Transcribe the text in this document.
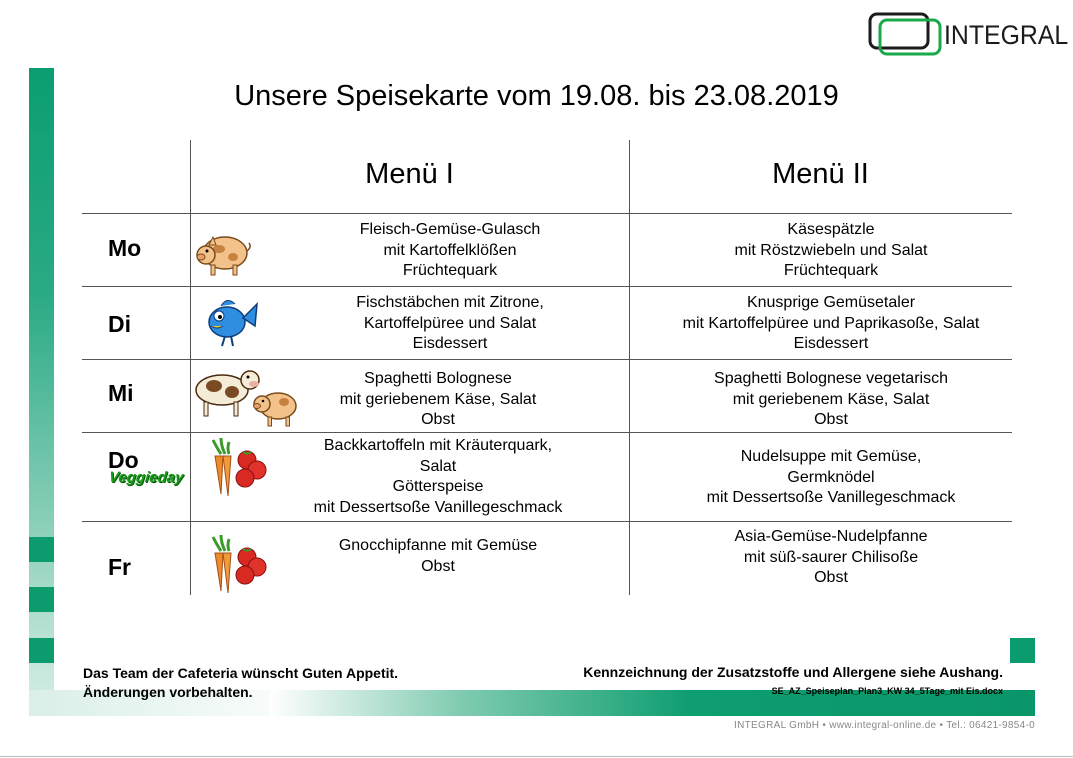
INTEGRAL
Unsere Speisekarte vom 19.08. bis 23.08.2019
Menü I	Menü II
Mo
Di
Mi
Do
Veggieday
Fr
Fleisch-Gemüse-Gulasch
mit Kartoffelklößen
Früchtequark
Käsespätzle
mit Röstzwiebeln und Salat
Früchtequark
Fischstäbchen mit Zitrone,
Kartoffelpüree und Salat
Eisdessert
Knusprige Gemüsetaler
mit Kartoffelpüree und Paprikasoße, Salat
Eisdessert
Spaghetti Bolognese
mit geriebenem Käse, Salat
Obst
Spaghetti Bolognese vegetarisch
mit geriebenem Käse, Salat
Obst
Backkartoffeln mit Kräuterquark,
Salat
Götterspeise
mit Dessertsoße Vanillegeschmack
Nudelsuppe mit Gemüse,
Germknödel
mit Dessertsoße Vanillegeschmack
Gnocchipfanne mit Gemüse
Obst
Asia-Gemüse-Nudelpfanne
mit süß-saurer Chilisoße
Obst
Das Team der Cafeteria wünscht Guten Appetit.
Änderungen vorbehalten.
Kennzeichnung der Zusatzstoffe und Allergene siehe Aushang.
SE_AZ_Speiseplan_Plan3_KW 34_5Tage_mit Eis.docx
INTEGRAL GmbH • www.integral-online.de • Tel.: 06421-9854-0
